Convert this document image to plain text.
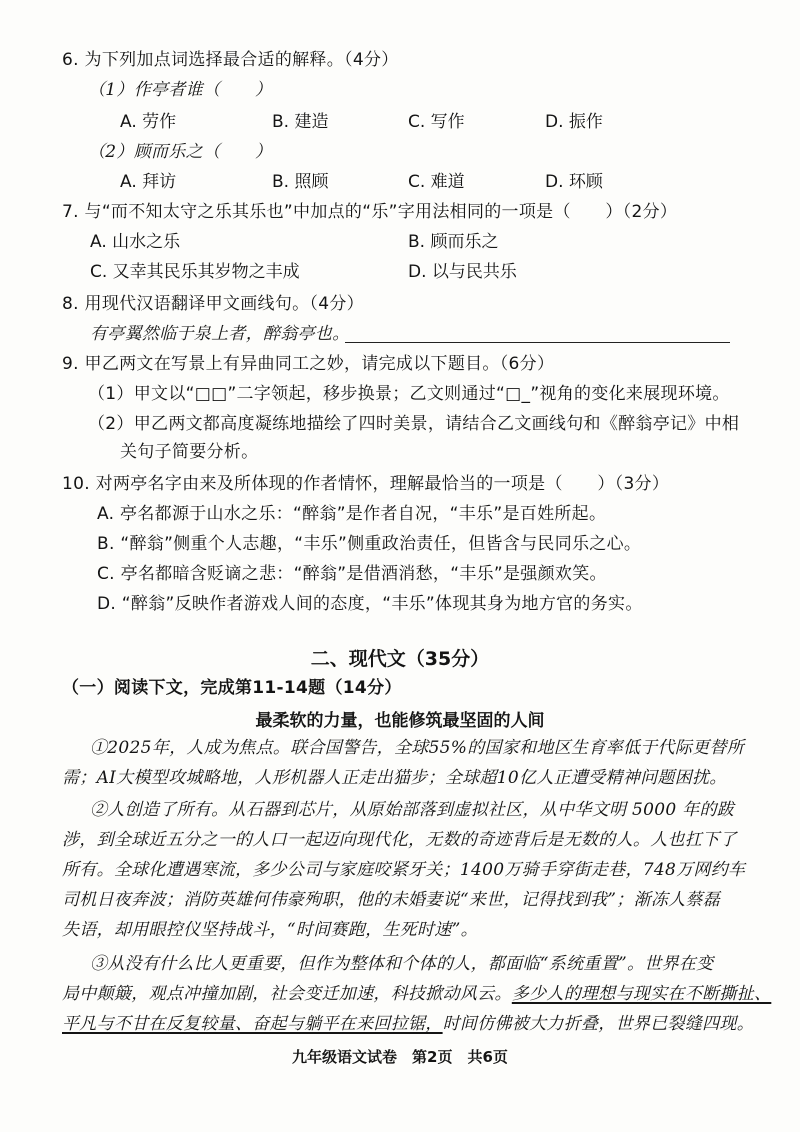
6. 为下列加点词选择最合适的解释。（4分）
（1）作亭者谁（　　）
A. 劳作	B. 建造	C. 写作	D. 振作
（2）顾而乐之（　　）
A. 拜访	B. 照顾	C. 难道	D. 环顾
7. 与“而不知太守之乐其乐也”中加点的“乐”字用法相同的一项是（　　）（2分）
A. 山水之乐	B. 顾而乐之
C. 又幸其民乐其岁物之丰成	D. 以与民共乐
8. 用现代汉语翻译甲文画线句。（4分）
有亭翼然临于泉上者，醉翁亭也。
9. 甲乙两文在写景上有异曲同工之妙，请完成以下题目。（6分）
（1）甲文以“□□”二字领起，移步换景；乙文则通过“□_”视角的变化来展现环境。
（2）甲乙两文都高度凝练地描绘了四时美景，请结合乙文画线句和《醉翁亭记》中相
关句子简要分析。
10. 对两亭名字由来及所体现的作者情怀，理解最恰当的一项是（　　）（3分）
A. 亭名都源于山水之乐：“醉翁”是作者自况，“丰乐”是百姓所起。
B. “醉翁”侧重个人志趣，“丰乐”侧重政治责任，但皆含与民同乐之心。
C. 亭名都暗含贬谪之悲：“醉翁”是借酒消愁，“丰乐”是强颜欢笑。
D. “醉翁”反映作者游戏人间的态度，“丰乐”体现其身为地方官的务实。
二、现代文（35分）
（一）阅读下文，完成第11-14题（14分）
最柔软的力量，也能修筑最坚固的人间
①2025年，人成为焦点。联合国警告，全球55%的国家和地区生育率低于代际更替所
需；AI大模型攻城略地，人形机器人正走出猫步；全球超10亿人正遭受精神问题困扰。
②人创造了所有。从石器到芯片，从原始部落到虚拟社区，从中华文明 5000 年的跋
涉，到全球近五分之一的人口一起迈向现代化，无数的奇迹背后是无数的人。人也扛下了
所有。全球化遭遇寒流，多少公司与家庭咬紧牙关；1400万骑手穿街走巷，748万网约车
司机日夜奔波；消防英雄何伟豪殉职，他的未婚妻说“来世，记得找到我”；渐冻人蔡磊
失语，却用眼控仪坚持战斗，“时间赛跑，生死时速”。
③从没有什么比人更重要，但作为整体和个体的人，都面临“系统重置”。世界在变
局中颠簸，观点冲撞加剧，社会变迁加速，科技掀动风云。多少人的理想与现实在不断撕扯、
平凡与不甘在反复较量、奋起与躺平在来回拉锯，时间仿佛被大力折叠，世界已裂缝四现。
九年级语文试卷　第2页　共6页
